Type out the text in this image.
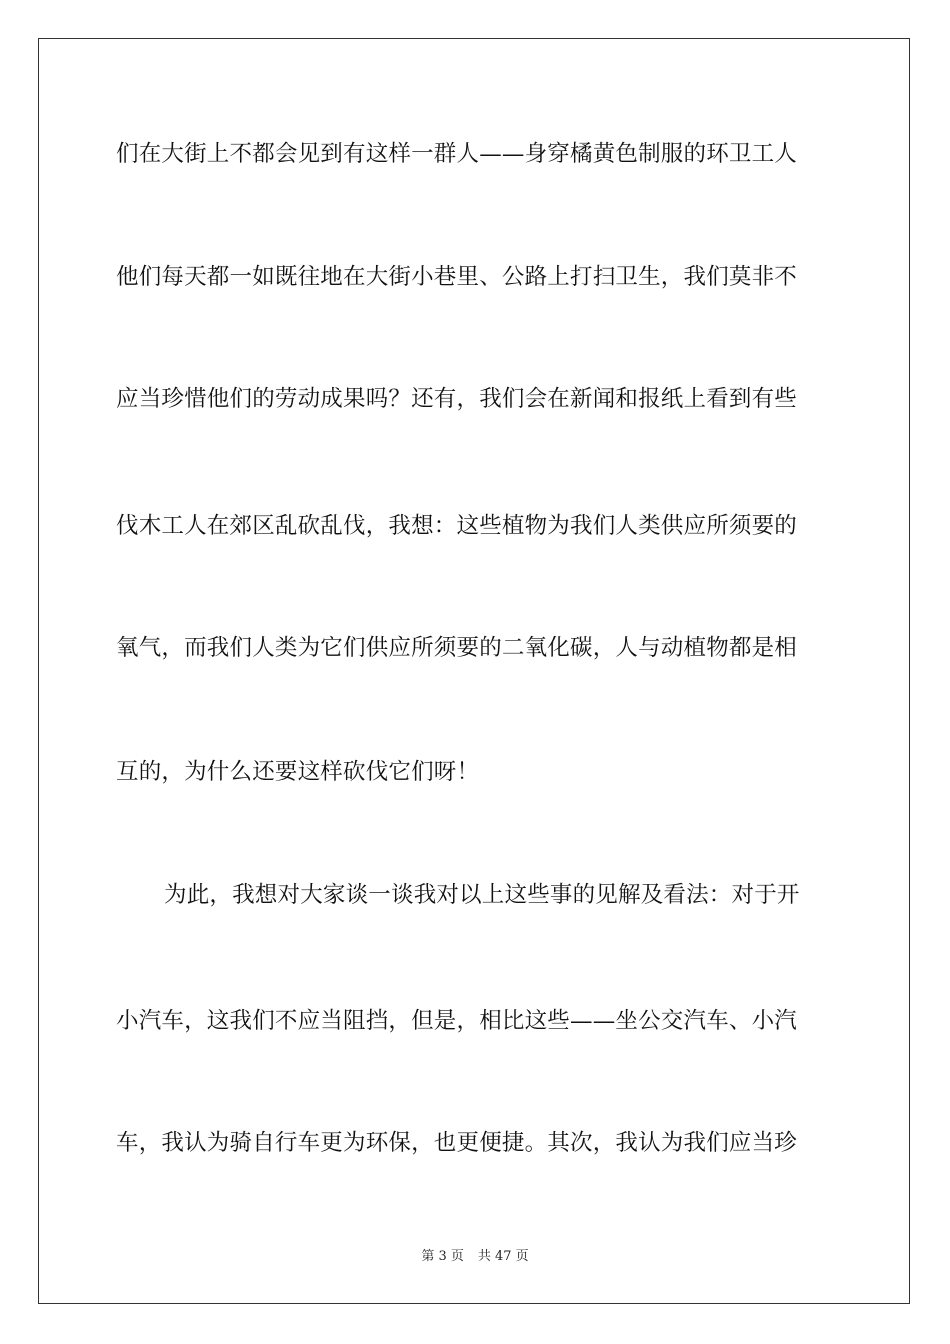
们在大街上不都会见到有这样一群人——身穿橘黄色制服的环卫工人
他们每天都一如既往地在大街小巷里、公路上打扫卫生，我们莫非不
应当珍惜他们的劳动成果吗？还有，我们会在新闻和报纸上看到有些
伐木工人在郊区乱砍乱伐，我想：这些植物为我们人类供应所须要的
氧气，而我们人类为它们供应所须要的二氧化碳，人与动植物都是相
互的，为什么还要这样砍伐它们呀！
为此，我想对大家谈一谈我对以上这些事的见解及看法：对于开
小汽车，这我们不应当阻挡，但是，相比这些——坐公交汽车、小汽
车，我认为骑自行车更为环保，也更便捷。其次，我认为我们应当珍
第 3 页 共 47 页
